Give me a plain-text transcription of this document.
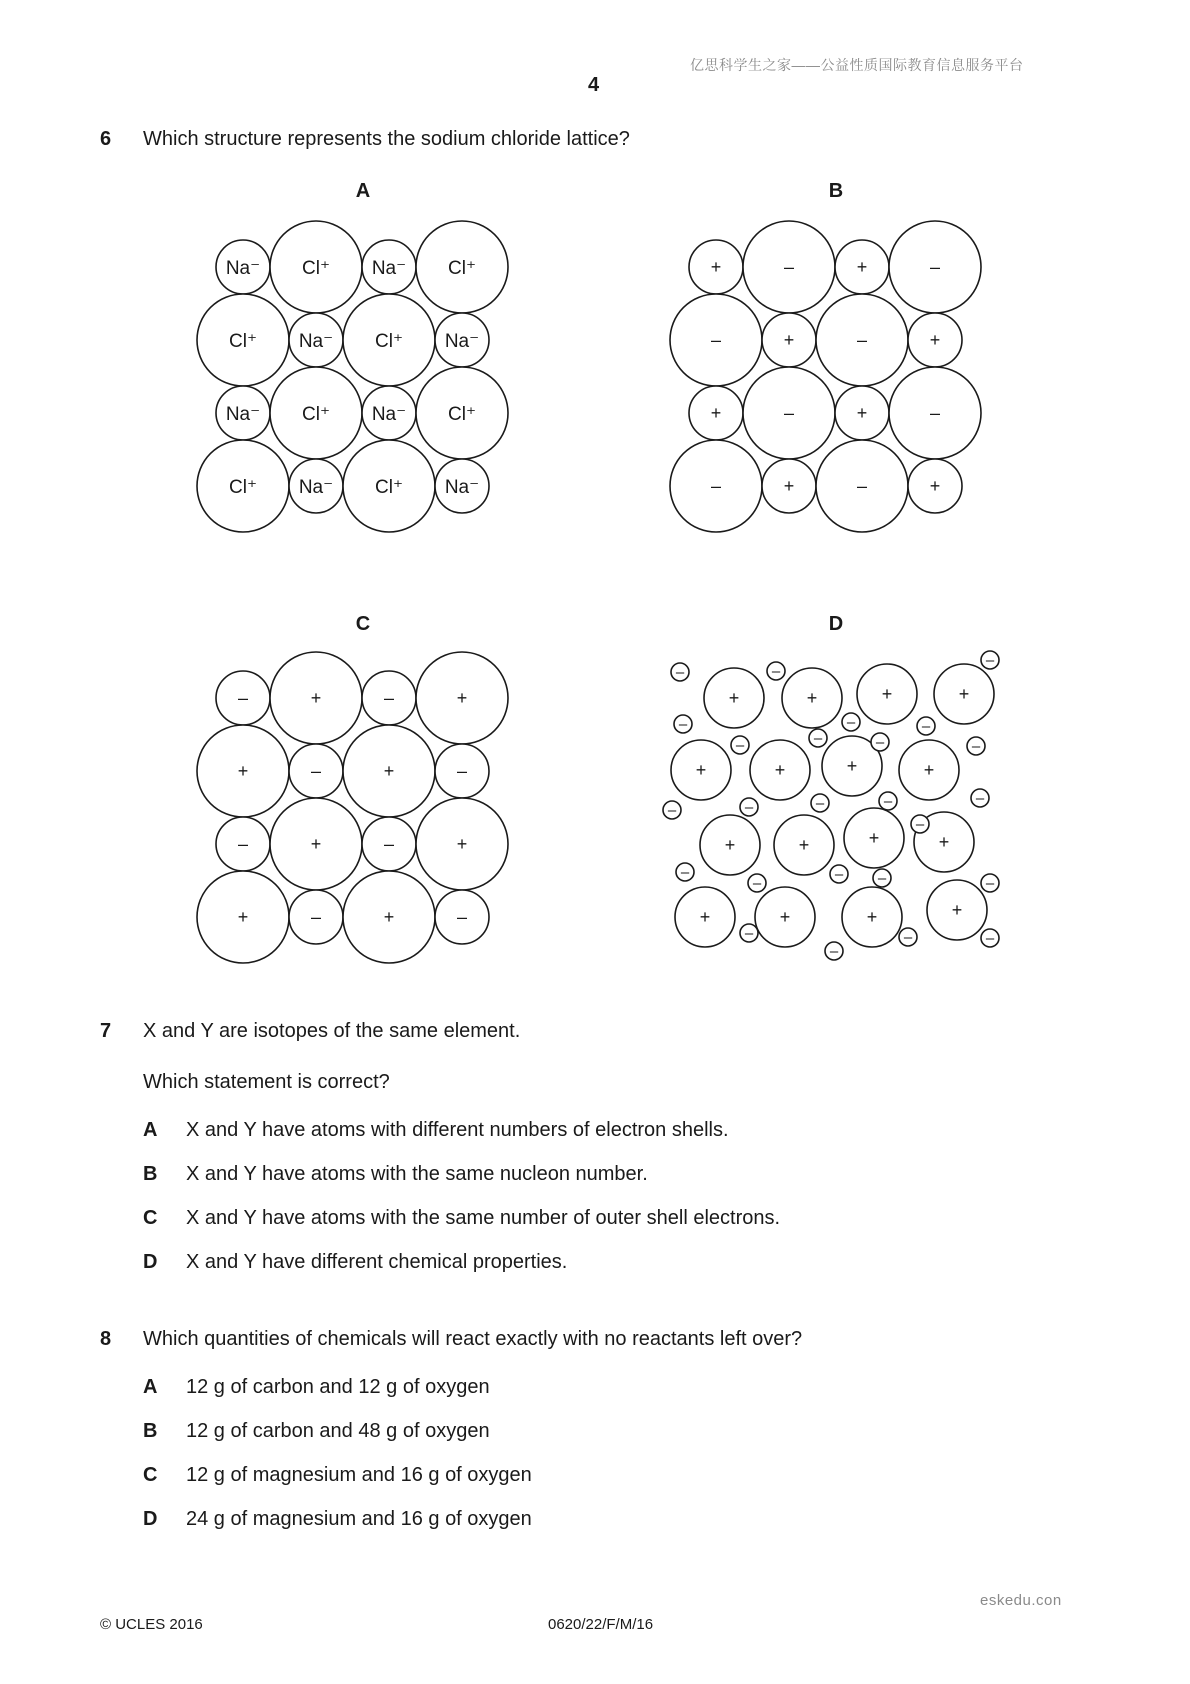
亿思科学生之家——公益性质国际教育信息服务平台
4
6 Which structure represents the sodium chloride lattice?
A
Na⁻ Cl⁺ Na⁻ Cl⁺
Cl⁺ Na⁻ Cl⁺ Na⁻
Na⁻ Cl⁺ Na⁻ Cl⁺
Cl⁺ Na⁻ Cl⁺ Na⁻
B
+	–	+	–
–	+	–	+
+	–	+	–
–	+	–	+
C
–	+	–	+
+	–	+	–
–	+	–	+
+	–	+	–
D
+	+	+	+
+	+	+	+
+	+	+	+
+	+	+	+
–	–
–
–
–	–
–
–
–
–
–	–	–	–	–
–
–
–
–
–
–
–
–
–	–
7 X and Y are isotopes of the same element.
Which statement is correct?
A X and Y have atoms with different numbers of electron shells.
B X and Y have atoms with the same nucleon number.
C X and Y have atoms with the same number of outer shell electrons.
D X and Y have different chemical properties.
8 Which quantities of chemicals will react exactly with no reactants left over?
A 12 g of carbon and 12 g of oxygen
B 12 g of carbon and 48 g of oxygen
C 12 g of magnesium and 16 g of oxygen
D 24 g of magnesium and 16 g of oxygen
eskedu.con
© UCLES 2016	0620/22/F/M/16
